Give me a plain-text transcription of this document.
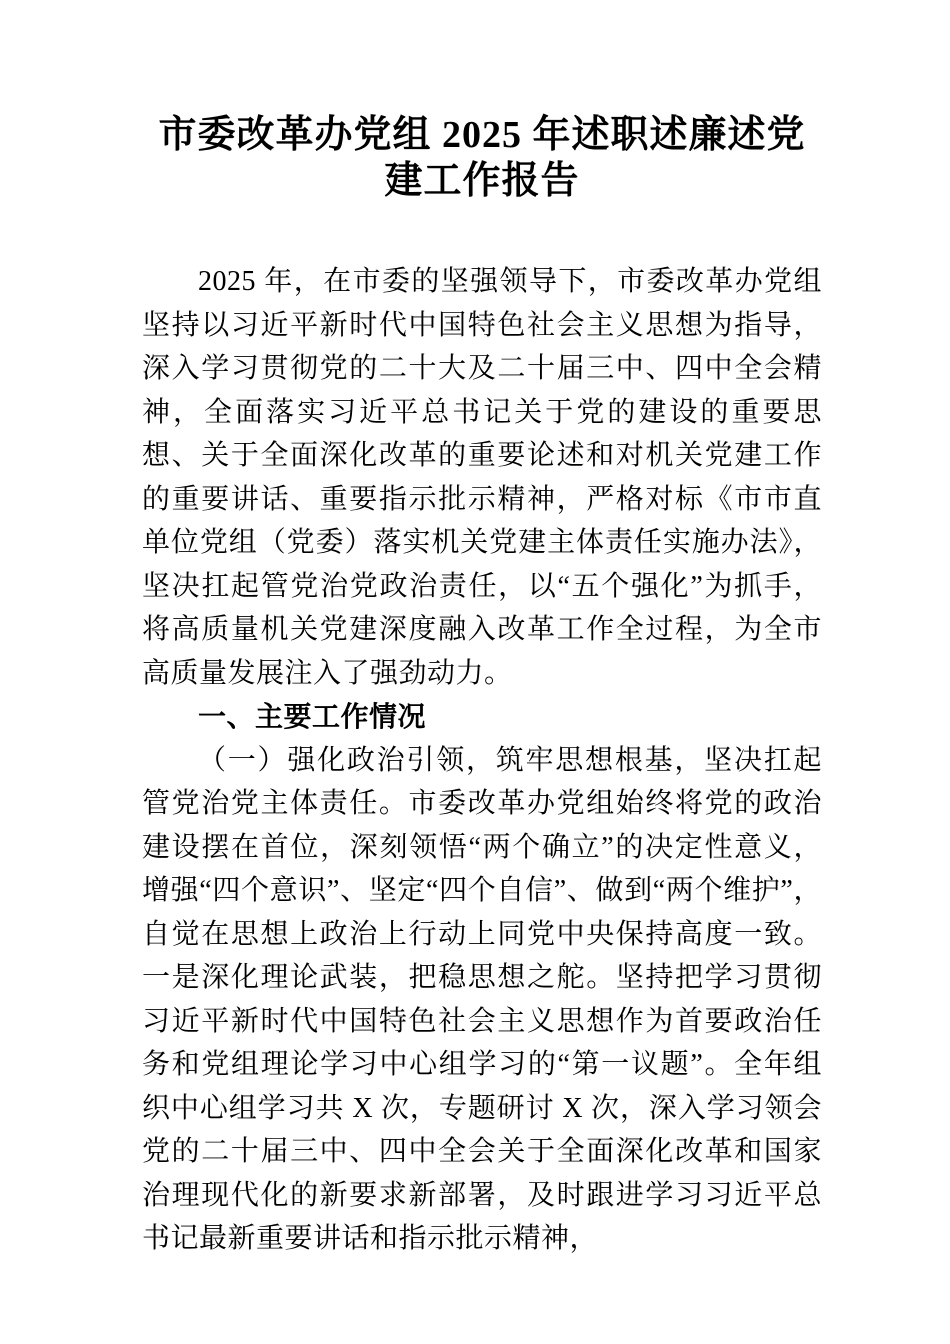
市委改革办党组 2025 年述职述廉述党建工作报告

2025 年，在市委的坚强领导下，市委改革办党组坚持以习近平新时代中国特色社会主义思想为指导，深入学习贯彻党的二十大及二十届三中、四中全会精神，全面落实习近平总书记关于党的建设的重要思想、关于全面深化改革的重要论述和对机关党建工作的重要讲话、重要指示批示精神，严格对标《市市直单位党组（党委）落实机关党建主体责任实施办法》，坚决扛起管党治党政治责任，以“五个强化”为抓手，将高质量机关党建深度融入改革工作全过程，为全市高质量发展注入了强劲动力。

一、主要工作情况

（一）强化政治引领，筑牢思想根基，坚决扛起管党治党主体责任。市委改革办党组始终将党的政治建设摆在首位，深刻领悟“两个确立”的决定性意义，增强“四个意识”、坚定“四个自信”、做到“两个维护”，自觉在思想上政治上行动上同党中央保持高度一致。一是深化理论武装，把稳思想之舵。坚持把学习贯彻习近平新时代中国特色社会主义思想作为首要政治任务和党组理论学习中心组学习的“第一议题”。全年组织中心组学习共 X 次，专题研讨 X 次，深入学习领会党的二十届三中、四中全会关于全面深化改革和国家治理现代化的新要求新部署，及时跟进学习习近平总书记最新重要讲话和指示批示精神，
